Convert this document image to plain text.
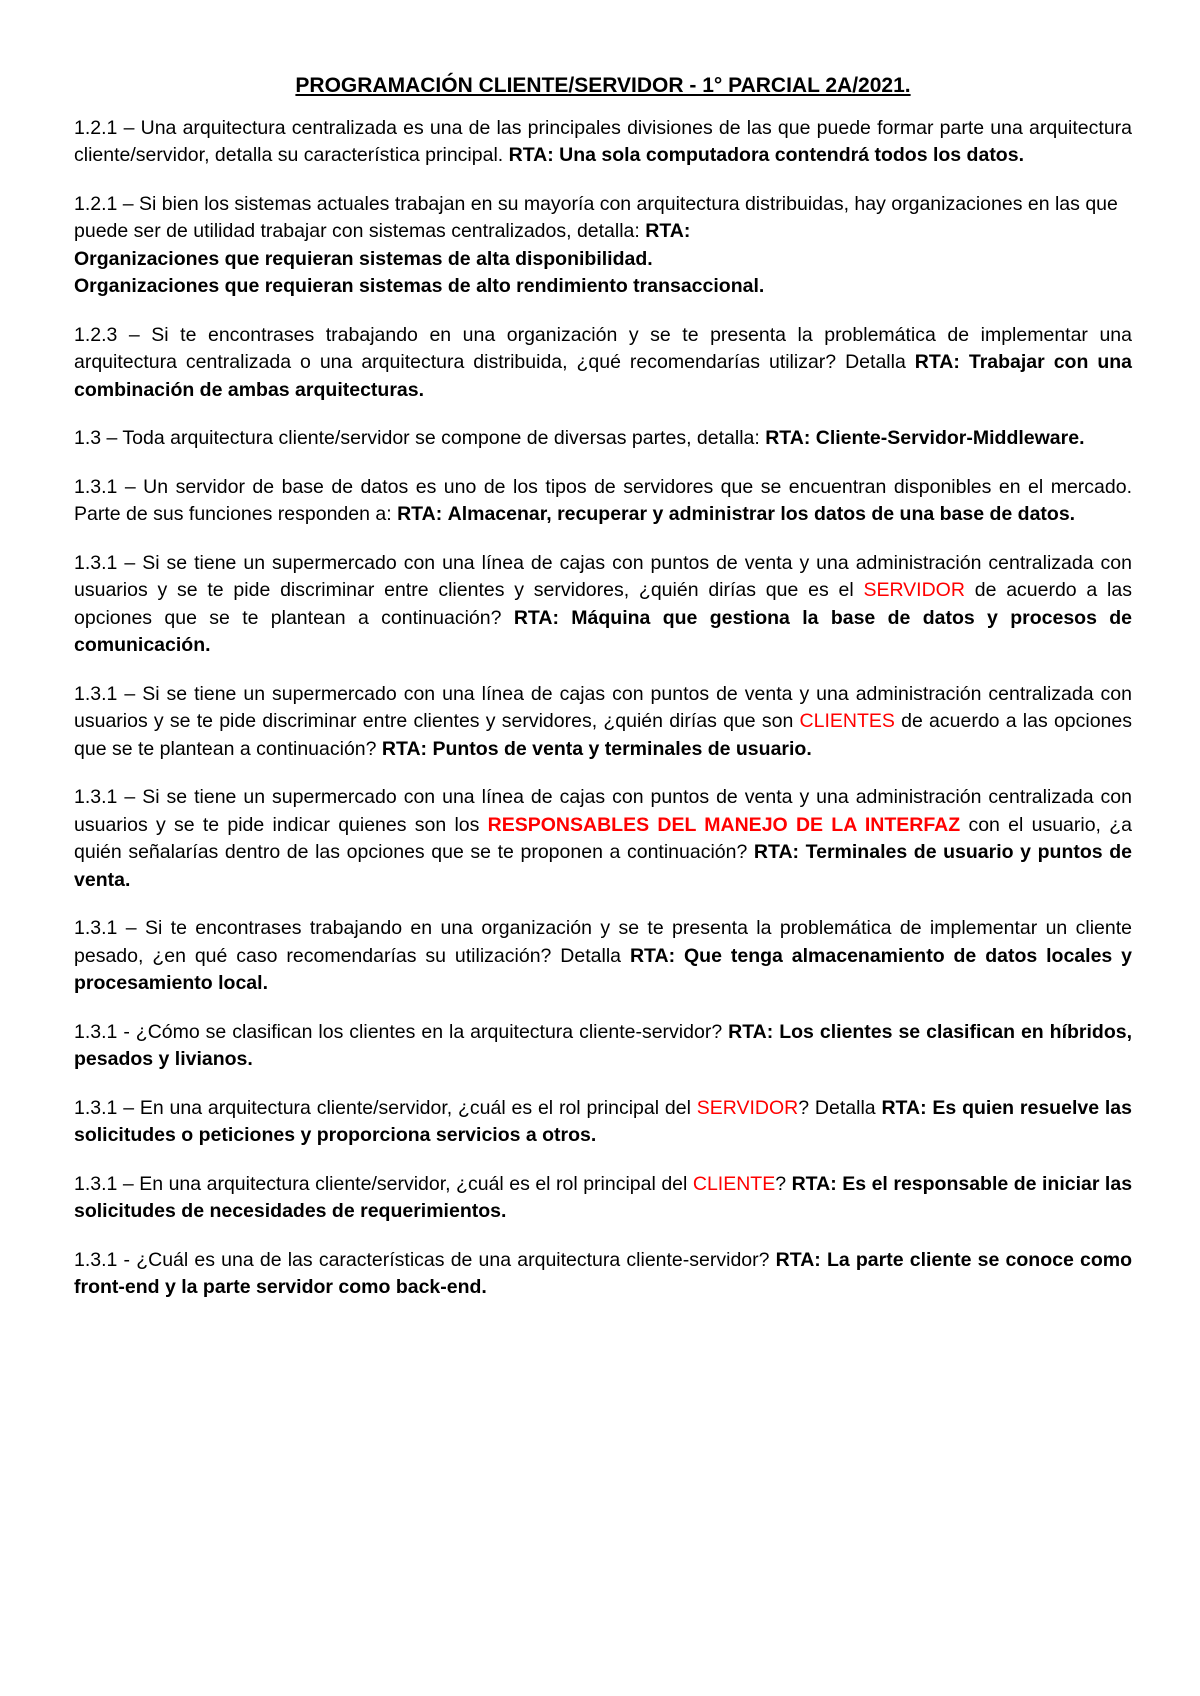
PROGRAMACIÓN CLIENTE/SERVIDOR - 1° PARCIAL 2A/2021.

1.2.1 – Una arquitectura centralizada es una de las principales divisiones de las que puede formar parte una arquitectura cliente/servidor, detalla su característica principal. RTA: Una sola computadora contendrá todos los datos.

1.2.1 – Si bien los sistemas actuales trabajan en su mayoría con arquitectura distribuidas, hay organizaciones en las que puede ser de utilidad trabajar con sistemas centralizados, detalla: RTA:
Organizaciones que requieran sistemas de alta disponibilidad.
Organizaciones que requieran sistemas de alto rendimiento transaccional.

1.2.3 – Si te encontrases trabajando en una organización y se te presenta la problemática de implementar una arquitectura centralizada o una arquitectura distribuida, ¿qué recomendarías utilizar? Detalla RTA: Trabajar con una combinación de ambas arquitecturas.

1.3 – Toda arquitectura cliente/servidor se compone de diversas partes, detalla: RTA: Cliente-Servidor-Middleware.

1.3.1 – Un servidor de base de datos es uno de los tipos de servidores que se encuentran disponibles en el mercado. Parte de sus funciones responden a: RTA: Almacenar, recuperar y administrar los datos de una base de datos.

1.3.1 – Si se tiene un supermercado con una línea de cajas con puntos de venta y una administración centralizada con usuarios y se te pide discriminar entre clientes y servidores, ¿quién dirías que es el SERVIDOR de acuerdo a las opciones que se te plantean a continuación? RTA: Máquina que gestiona la base de datos y procesos de comunicación.

1.3.1 – Si se tiene un supermercado con una línea de cajas con puntos de venta y una administración centralizada con usuarios y se te pide discriminar entre clientes y servidores, ¿quién dirías que son CLIENTES de acuerdo a las opciones que se te plantean a continuación? RTA: Puntos de venta y terminales de usuario.

1.3.1 – Si se tiene un supermercado con una línea de cajas con puntos de venta y una administración centralizada con usuarios y se te pide indicar quienes son los RESPONSABLES DEL MANEJO DE LA INTERFAZ con el usuario, ¿a quién señalarías dentro de las opciones que se te proponen a continuación? RTA: Terminales de usuario y puntos de venta.

1.3.1 – Si te encontrases trabajando en una organización y se te presenta la problemática de implementar un cliente pesado, ¿en qué caso recomendarías su utilización? Detalla RTA: Que tenga almacenamiento de datos locales y procesamiento local.

1.3.1 - ¿Cómo se clasifican los clientes en la arquitectura cliente-servidor? RTA: Los clientes se clasifican en híbridos, pesados y livianos.

1.3.1 – En una arquitectura cliente/servidor, ¿cuál es el rol principal del SERVIDOR? Detalla RTA: Es quien resuelve las solicitudes o peticiones y proporciona servicios a otros.

1.3.1 – En una arquitectura cliente/servidor, ¿cuál es el rol principal del CLIENTE? RTA: Es el responsable de iniciar las solicitudes de necesidades de requerimientos.

1.3.1 - ¿Cuál es una de las características de una arquitectura cliente-servidor? RTA: La parte cliente se conoce como front-end y la parte servidor como back-end.
